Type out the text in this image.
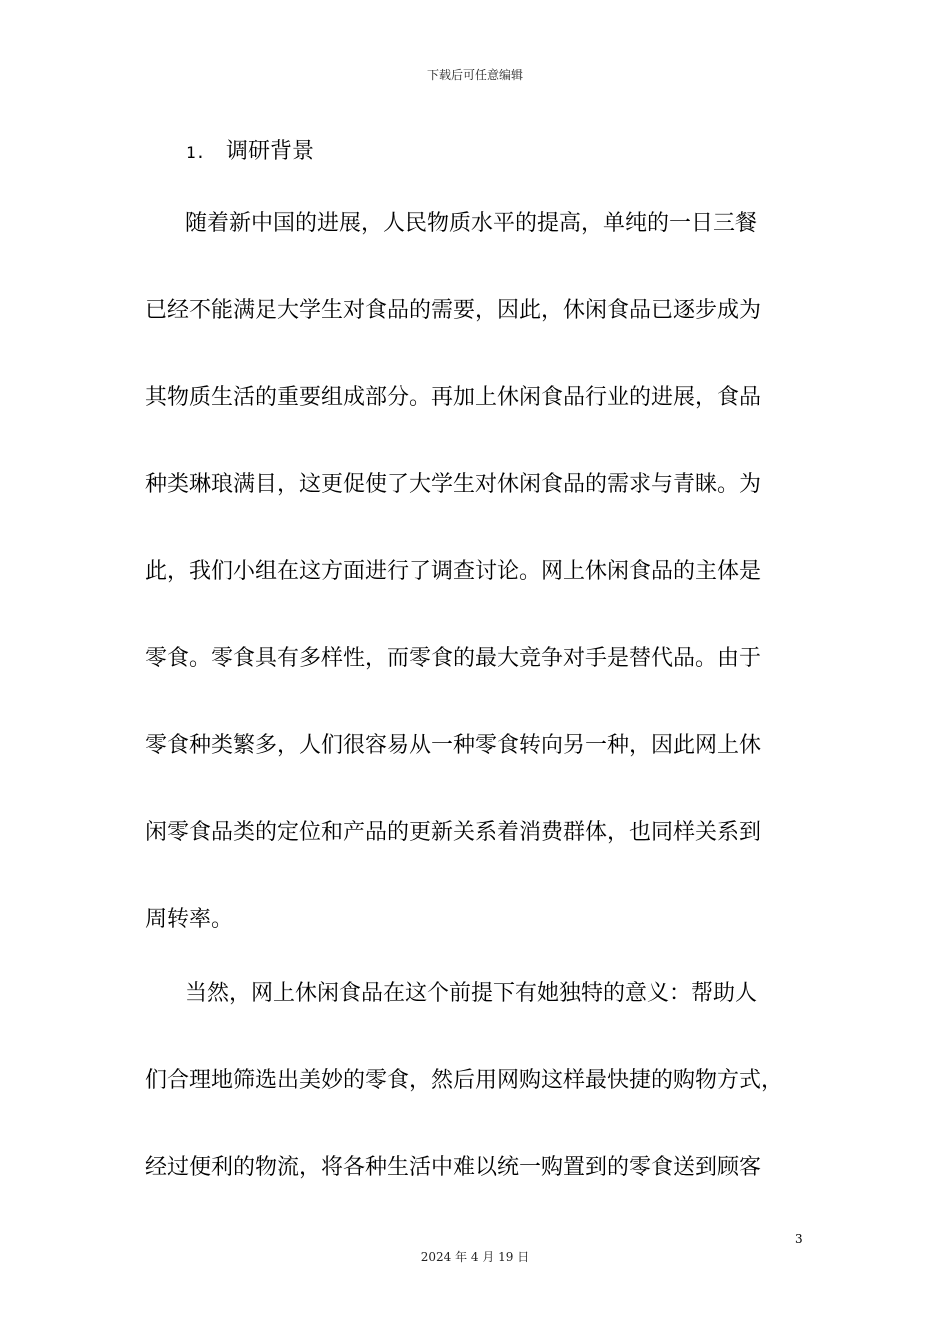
下载后可任意编辑

1. 调研背景

随着新中国的进展，人民物质水平的提高，单纯的一日三餐

已经不能满足大学生对食品的需要，因此，休闲食品已逐步成为

其物质生活的重要组成部分。再加上休闲食品行业的进展，食品

种类琳琅满目，这更促使了大学生对休闲食品的需求与青睐。为

此，我们小组在这方面进行了调查讨论。网上休闲食品的主体是

零食。零食具有多样性，而零食的最大竞争对手是替代品。由于

零食种类繁多，人们很容易从一种零食转向另一种，因此网上休

闲零食品类的定位和产品的更新关系着消费群体，也同样关系到

周转率。

当然，网上休闲食品在这个前提下有她独特的意义：帮助人

们合理地筛选出美妙的零食，然后用网购这样最快捷的购物方式，

经过便利的物流，将各种生活中难以统一购置到的零食送到顾客

3

2024 年 4 月 19 日
